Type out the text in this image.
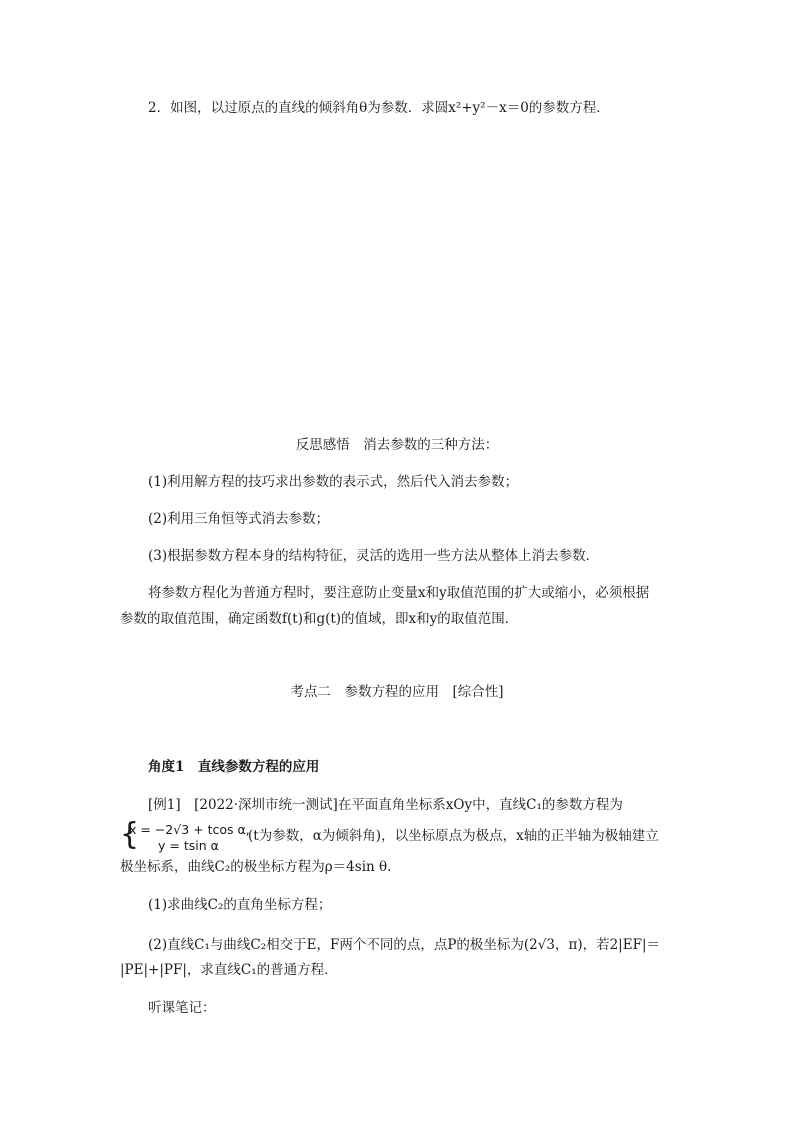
2．如图，以过原点的直线的倾斜角θ为参数．求圆x²+y²－x＝0的参数方程．
反思感悟　消去参数的三种方法：
(1)利用解方程的技巧求出参数的表示式，然后代入消去参数；
(2)利用三角恒等式消去参数；
(3)根据参数方程本身的结构特征，灵活的选用一些方法从整体上消去参数．
将参数方程化为普通方程时，要注意防止变量x和y取值范围的扩大或缩小，必须根据
参数的取值范围，确定函数f(t)和g(t)的值域，即x和y的取值范围．
考点二　参数方程的应用　[综合性]
角度1　直线参数方程的应用
[例1]　 [2022·深圳市统一测试]在平面直角坐标系xOy中，直线C₁的参数方程为
{
x = −2√3 + tcos α,
y = tsin α
(t为参数，α为倾斜角)，以坐标原点为极点，x轴的正半轴为极轴建立
极坐标系，曲线C₂的极坐标方程为ρ＝4sin θ.
(1)求曲线C₂的直角坐标方程；
(2)直线C₁与曲线C₂相交于E，F两个不同的点，点P的极坐标为(2√3，π)，若2|EF|＝
|PE|+|PF|，求直线C₁的普通方程．
听课笔记：
